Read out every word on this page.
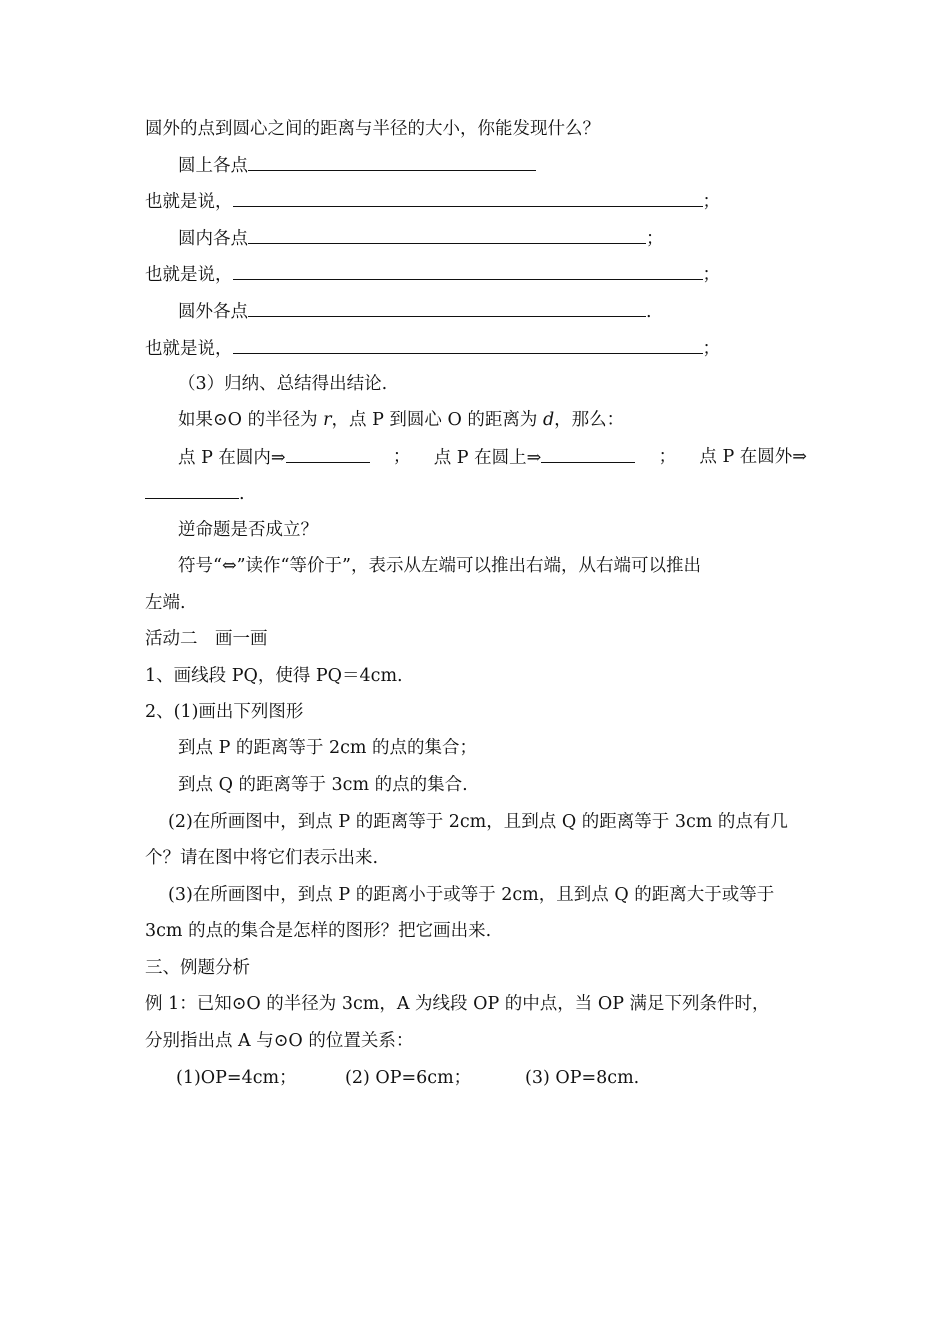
圆外的点到圆心之间的距离与半径的大小，你能发现什么？
圆上各点
也就是说，	；
圆内各点	；
也就是说，	；
圆外各点	.
也就是说，	；
（3）归纳、总结得出结论.
如果⊙O 的半径为 r，点 P 到圆心 O 的距离为 d，那么：
点 P 在圆内⇒	； 点 P 在圆上⇒	； 点 P 在圆外⇒
.
逆命题是否成立？
符号“⇔”读作“等价于”，表示从左端可以推出右端，从右端可以推出
左端.
活动二　画一画
1、画线段 PQ，使得 PQ＝4cm.
2、(1)画出下列图形
到点 P 的距离等于 2cm 的点的集合；
到点 Q 的距离等于 3cm 的点的集合.
(2)在所画图中，到点 P 的距离等于 2cm，且到点 Q 的距离等于 3cm 的点有几
个？请在图中将它们表示出来.
(3)在所画图中，到点 P 的距离小于或等于 2cm，且到点 Q 的距离大于或等于
3cm 的点的集合是怎样的图形？把它画出来.
三、例题分析
例 1：已知⊙O 的半径为 3cm，A 为线段 OP 的中点，当 OP 满足下列条件时，
分别指出点 A 与⊙O 的位置关系：
(1)OP=4cm；	(2) OP=6cm；	(3) OP=8cm.
